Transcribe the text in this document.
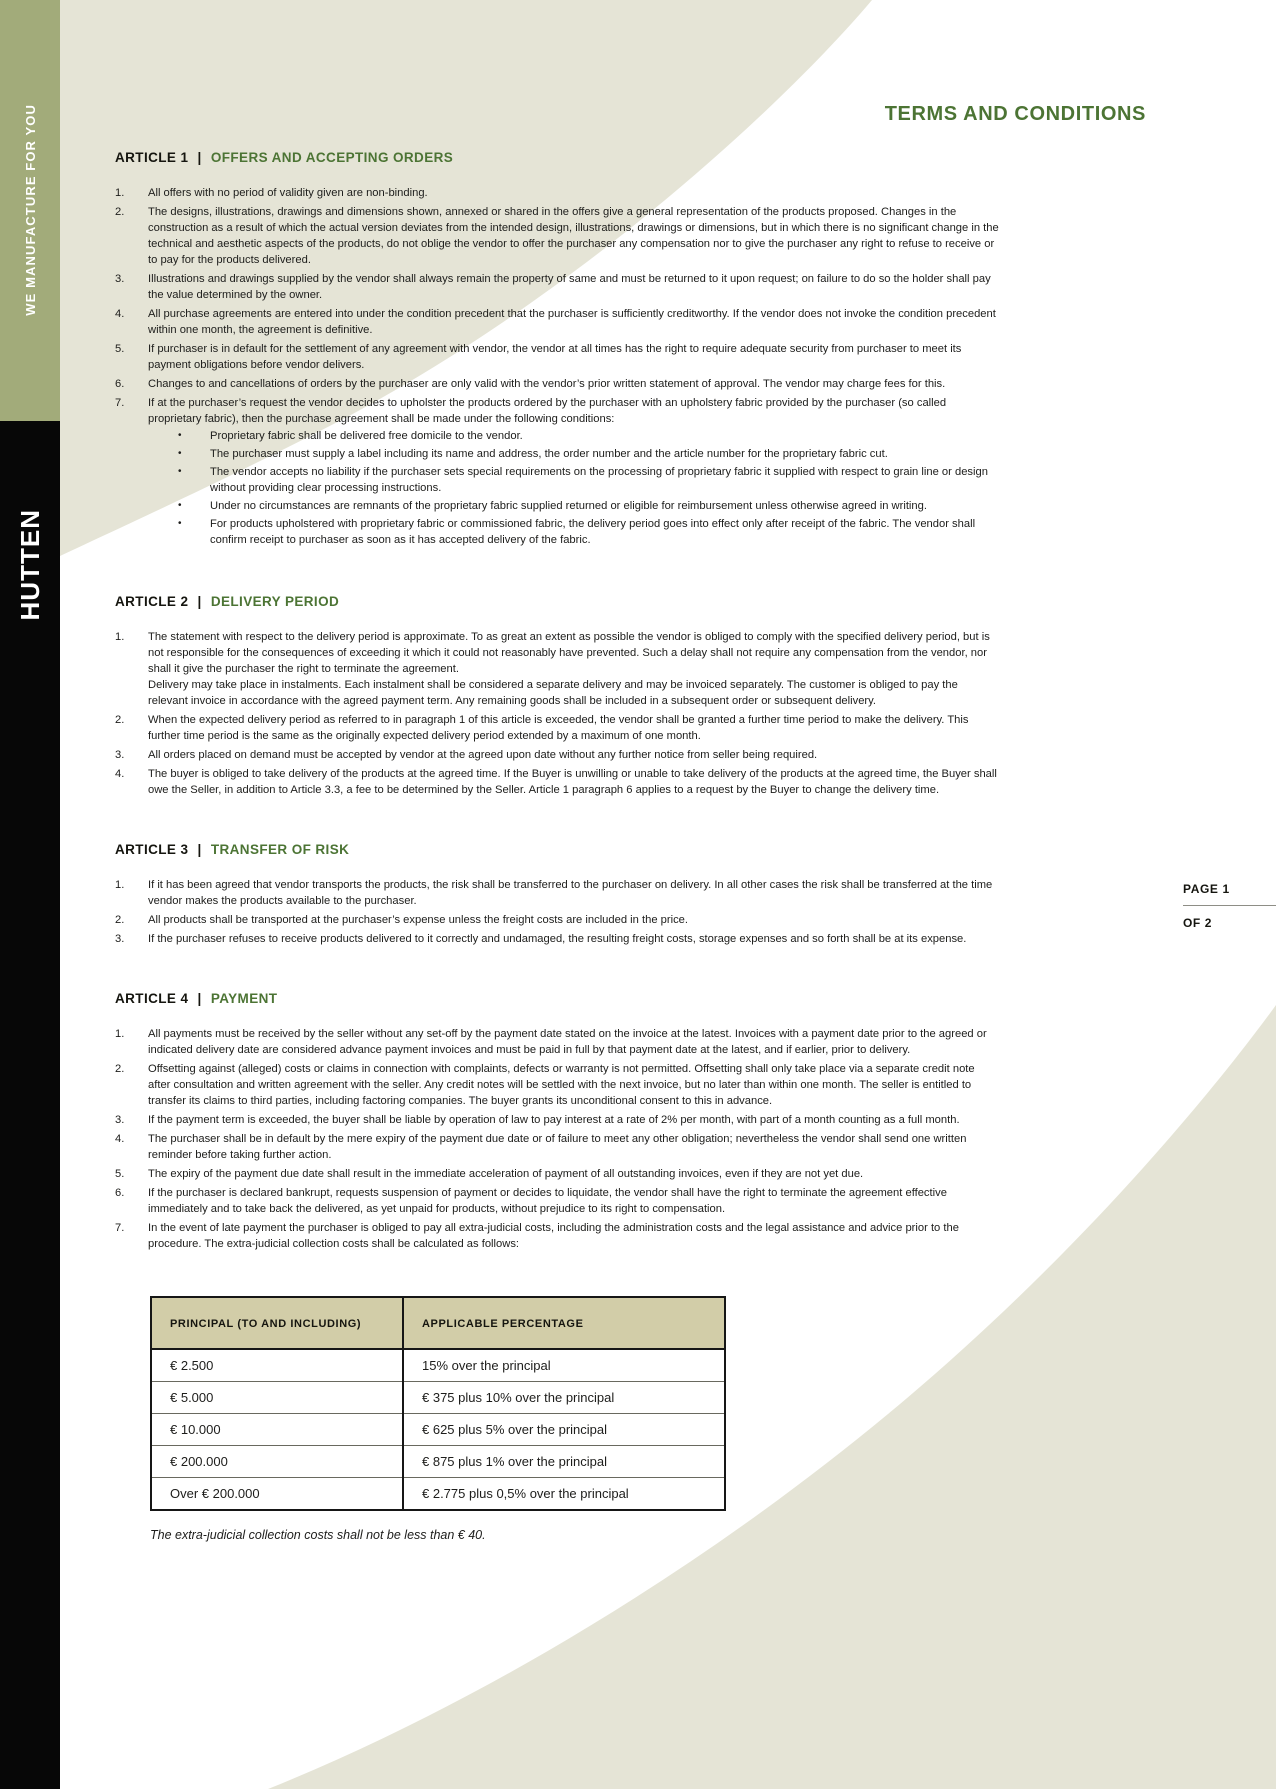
WE MANUFACTURE FOR YOU
HUTTEN
TERMS AND CONDITIONS
PAGE 1
OF 2
ARTICLE 1 | OFFERS AND ACCEPTING ORDERS
1.	All offers with no period of validity given are non-binding.
2.	The designs, illustrations, drawings and dimensions shown, annexed or shared in the offers give a general representation of the products proposed. Changes in the construction as a result of which the actual version deviates from the intended design, illustrations, drawings or dimensions, but in which there is no significant change in the technical and aesthetic aspects of the products, do not oblige the vendor to offer the purchaser any compensation nor to give the purchaser any right to refuse to receive or to pay for the products delivered.
3.	Illustrations and drawings supplied by the vendor shall always remain the property of same and must be returned to it upon request; on failure to do so the holder shall pay the value determined by the owner.
4.	All purchase agreements are entered into under the condition precedent that the purchaser is sufficiently creditworthy. If the vendor does not invoke the condition precedent within one month, the agreement is definitive.
5.	If purchaser is in default for the settlement of any agreement with vendor, the vendor at all times has the right to require adequate security from purchaser to meet its payment obligations before vendor delivers.
6.	Changes to and cancellations of orders by the purchaser are only valid with the vendor’s prior written statement of approval. The vendor may charge fees for this.
7.	If at the purchaser’s request the vendor decides to upholster the products ordered by the purchaser with an upholstery fabric provided by the purchaser (so called proprietary fabric), then the purchase agreement shall be made under the following conditions:
•	Proprietary fabric shall be delivered free domicile to the vendor.
•	The purchaser must supply a label including its name and address, the order number and the article number for the proprietary fabric cut.
•	The vendor accepts no liability if the purchaser sets special requirements on the processing of proprietary fabric it supplied with respect to grain line or design without providing clear processing instructions.
•	Under no circumstances are remnants of the proprietary fabric supplied returned or eligible for reimbursement unless otherwise agreed in writing.
•	For products upholstered with proprietary fabric or commissioned fabric, the delivery period goes into effect only after receipt of the fabric. The vendor shall confirm receipt to purchaser as soon as it has accepted delivery of the fabric.
ARTICLE 2 | DELIVERY PERIOD
1.	The statement with respect to the delivery period is approximate. To as great an extent as possible the vendor is obliged to comply with the specified delivery period, but is not responsible for the consequences of exceeding it which it could not reasonably have prevented. Such a delay shall not require any compensation from the vendor, nor shall it give the purchaser the right to terminate the agreement.
Delivery may take place in instalments. Each instalment shall be considered a separate delivery and may be invoiced separately. The customer is obliged to pay the relevant invoice in accordance with the agreed payment term. Any remaining goods shall be included in a subsequent order or subsequent delivery.
2.	When the expected delivery period as referred to in paragraph 1 of this article is exceeded, the vendor shall be granted a further time period to make the delivery. This further time period is the same as the originally expected delivery period extended by a maximum of one month.
3.	All orders placed on demand must be accepted by vendor at the agreed upon date without any further notice from seller being required.
4.	The buyer is obliged to take delivery of the products at the agreed time. If the Buyer is unwilling or unable to take delivery of the products at the agreed time, the Buyer shall owe the Seller, in addition to Article 3.3, a fee to be determined by the Seller. Article 1 paragraph 6 applies to a request by the Buyer to change the delivery time.
ARTICLE 3 | TRANSFER OF RISK
1.	If it has been agreed that vendor transports the products, the risk shall be transferred to the purchaser on delivery. In all other cases the risk shall be transferred at the time vendor makes the products available to the purchaser.
2.	All products shall be transported at the purchaser’s expense unless the freight costs are included in the price.
3.	If the purchaser refuses to receive products delivered to it correctly and undamaged, the resulting freight costs, storage expenses and so forth shall be at its expense.
ARTICLE 4 | PAYMENT
1.	All payments must be received by the seller without any set-off by the payment date stated on the invoice at the latest. Invoices with a payment date prior to the agreed or indicated delivery date are considered advance payment invoices and must be paid in full by that payment date at the latest, and if earlier, prior to delivery.
2.	Offsetting against (alleged) costs or claims in connection with complaints, defects or warranty is not permitted. Offsetting shall only take place via a separate credit note after consultation and written agreement with the seller. Any credit notes will be settled with the next invoice, but no later than within one month. The seller is entitled to transfer its claims to third parties, including factoring companies. The buyer grants its unconditional consent to this in advance.
3.	If the payment term is exceeded, the buyer shall be liable by operation of law to pay interest at a rate of 2% per month, with part of a month counting as a full month.
4.	The purchaser shall be in default by the mere expiry of the payment due date or of failure to meet any other obligation; nevertheless the vendor shall send one written reminder before taking further action.
5.	The expiry of the payment due date shall result in the immediate acceleration of payment of all outstanding invoices, even if they are not yet due.
6.	If the purchaser is declared bankrupt, requests suspension of payment or decides to liquidate, the vendor shall have the right to terminate the agreement effective immediately and to take back the delivered, as yet unpaid for products, without prejudice to its right to compensation.
7.	In the event of late payment the purchaser is obliged to pay all extra-judicial costs, including the administration costs and the legal assistance and advice prior to the procedure. The extra-judicial collection costs shall be calculated as follows:
PRINCIPAL (TO AND INCLUDING)	APPLICABLE PERCENTAGE
€ 2.500	15% over the principal
€ 5.000	€ 375 plus 10% over the principal
€ 10.000	€ 625 plus 5% over the principal
€ 200.000	€ 875 plus 1% over the principal
Over € 200.000	€ 2.775 plus 0,5% over the principal
The extra-judicial collection costs shall not be less than € 40.
